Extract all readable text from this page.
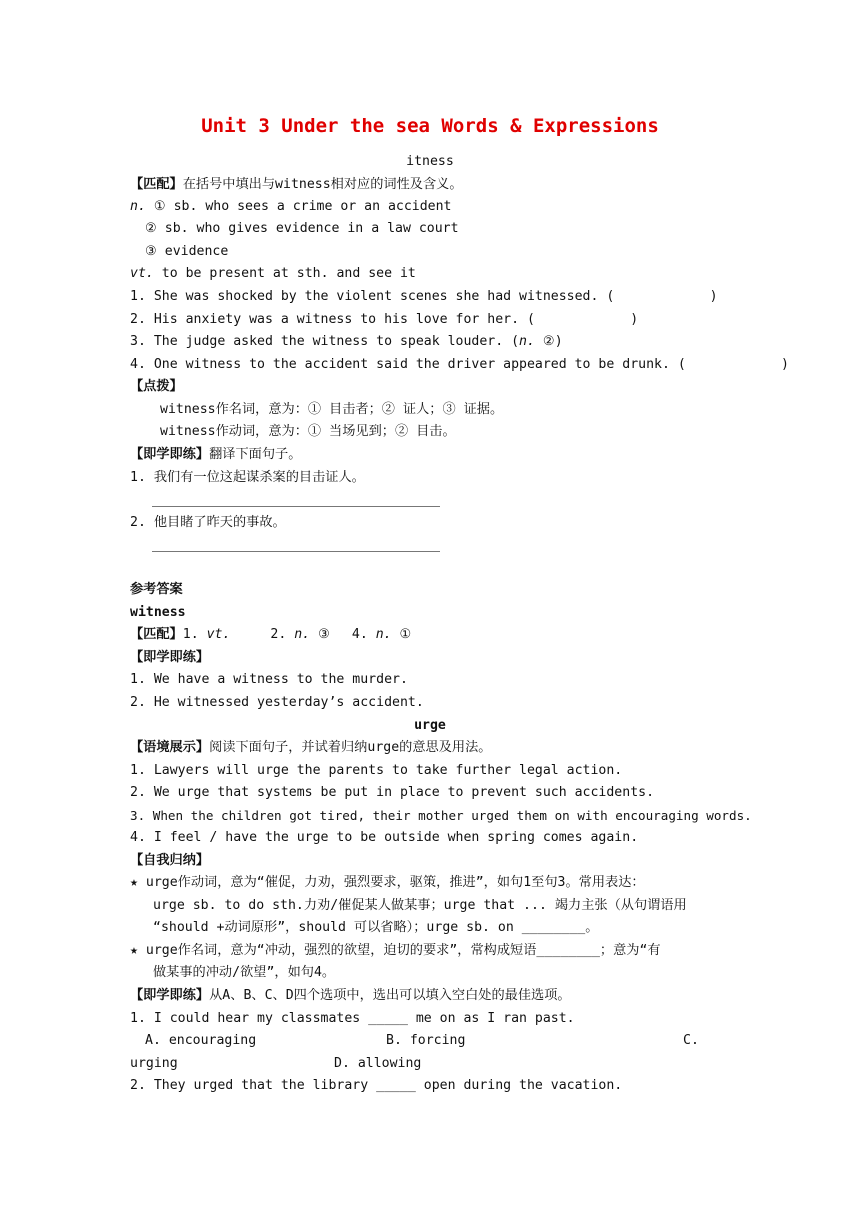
Unit 3 Under the sea Words & Expressions
itness
【匹配】在括号中填出与witness相对应的词性及含义。
n. ① sb. who sees a crime or an accident
② sb. who gives evidence in a law court
③ evidence
vt. to be present at sth. and see it
1. She was shocked by the violent scenes she had witnessed. (            )
2. His anxiety was a witness to his love for her. (            )
3. The judge asked the witness to speak louder. (n. ②)
4. One witness to the accident said the driver appeared to be drunk. (            )
【点拨】
witness作名词，意为：① 目击者；② 证人；③ 证据。
witness作动词，意为：① 当场见到；② 目击。
【即学即练】翻译下面句子。
1. 我们有一位这起谋杀案的目击证人。
2. 他目睹了昨天的事故。
参考答案
witness
【匹配】1. vt.	2. n. ③ 4. n. ①
【即学即练】
1. We have a witness to the murder.
2. He witnessed yesterday’s accident.
urge
【语境展示】阅读下面句子，并试着归纳urge的意思及用法。
1. Lawyers will urge the parents to take further legal action.
2. We urge that systems be put in place to prevent such accidents.
3. When the children got tired, their mother urged them on with encouraging words.
4. I feel / have the urge to be outside when spring comes again.
【自我归纳】
★ urge作动词，意为“催促，力劝，强烈要求，驱策，推进”，如句1至句3。常用表达：
urge sb. to do sth.力劝/催促某人做某事；urge that ... 竭力主张（从句谓语用
“should +动词原形”，should 可以省略）；urge sb. on ________。
★ urge作名词，意为“冲动，强烈的欲望，迫切的要求”，常构成短语________；意为“有
做某事的冲动/欲望”，如句4。
【即学即练】从A、B、C、D四个选项中，选出可以填入空白处的最佳选项。
1. I could hear my classmates _____ me on as I ran past.
A. encouraging	B. forcing	C.
urging	D. allowing
2. They urged that the library _____ open during the vacation.
